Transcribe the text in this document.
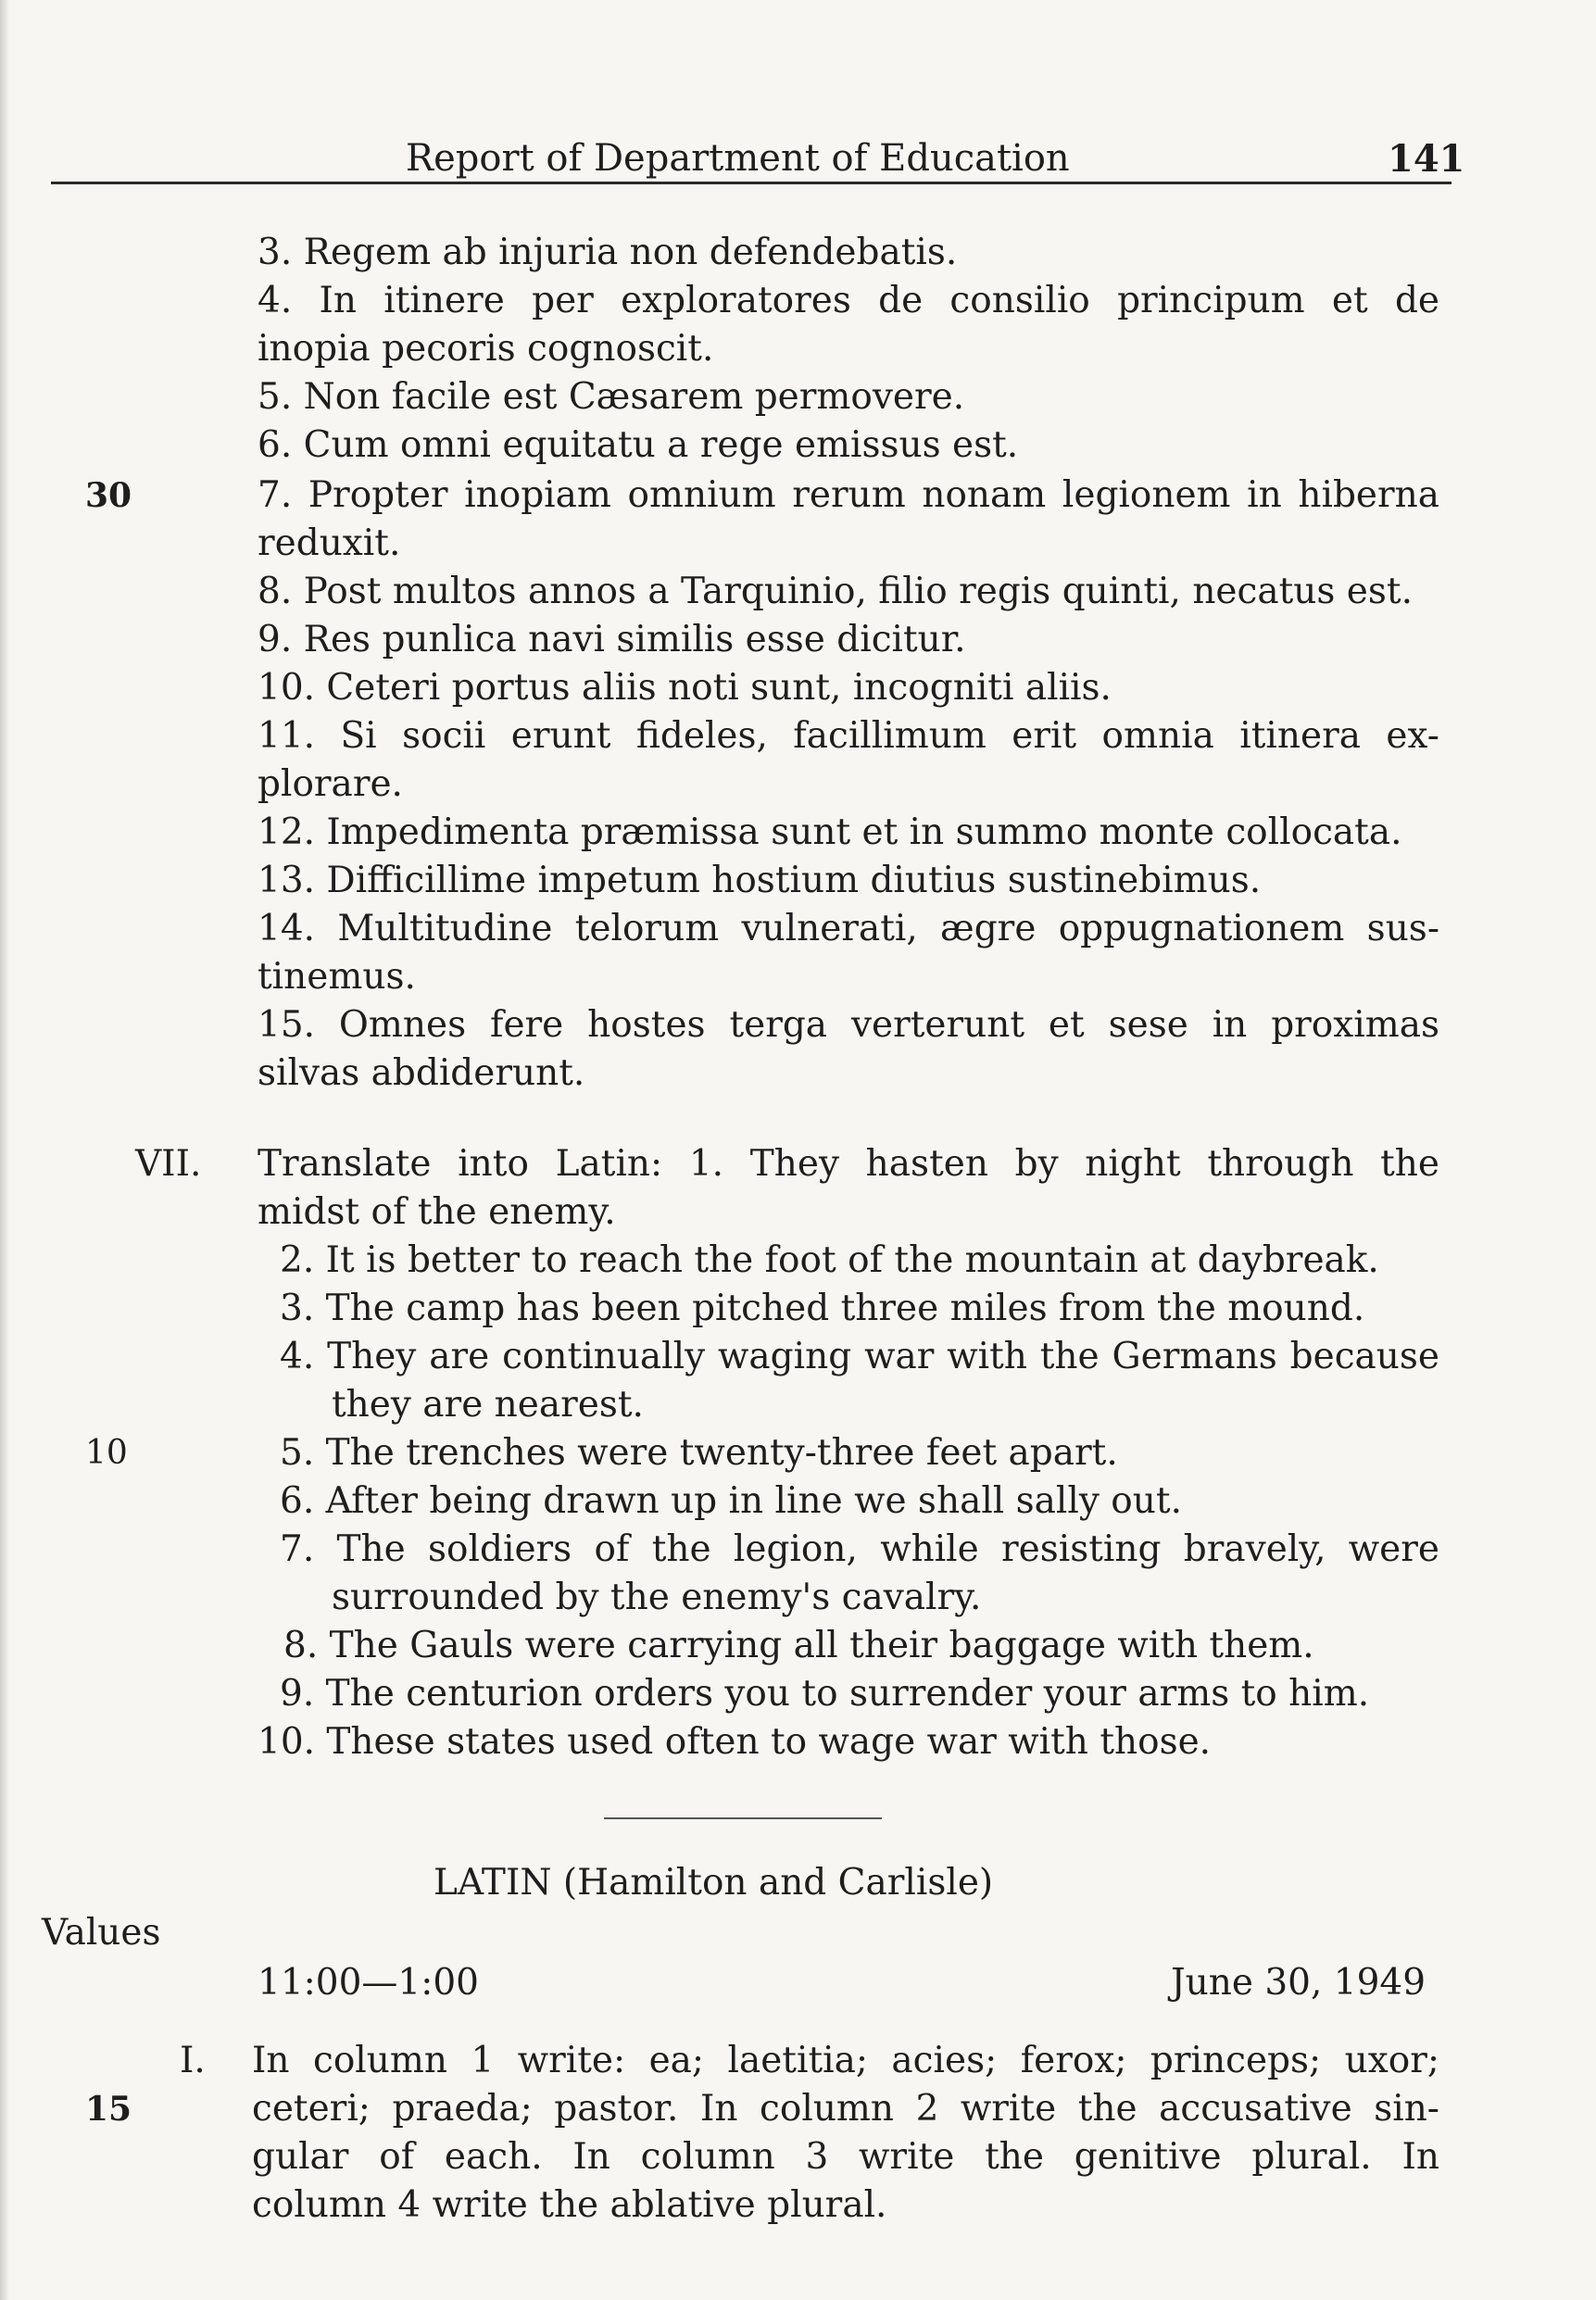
Report of Department of Education	141
3. Regem ab injuria non defendebatis.
4. In itinere per exploratores de consilio principum et de
inopia pecoris cognoscit.
5. Non facile est Cæsarem permovere.
6. Cum omni equitatu a rege emissus est.
30	7. Propter inopiam omnium rerum nonam legionem in hiberna
reduxit.
8. Post multos annos a Tarquinio, filio regis quinti, necatus est.
9. Res punlica navi similis esse dicitur.
10. Ceteri portus aliis noti sunt, incogniti aliis.
11. Si socii erunt fideles, facillimum erit omnia itinera ex-
plorare.
12. Impedimenta præmissa sunt et in summo monte collocata.
13. Difficillime impetum hostium diutius sustinebimus.
14. Multitudine telorum vulnerati, ægre oppugnationem sus-
tinemus.
15. Omnes fere hostes terga verterunt et sese in proximas
silvas abdiderunt.
VII. Translate into Latin: 1. They hasten by night through the
midst of the enemy.
2. It is better to reach the foot of the mountain at daybreak.
3. The camp has been pitched three miles from the mound.
4. They are continually waging war with the Germans because
they are nearest.
10	5. The trenches were twenty-three feet apart.
6. After being drawn up in line we shall sally out.
7. The soldiers of the legion, while resisting bravely, were
surrounded by the enemy's cavalry.
8. The Gauls were carrying all their baggage with them.
9. The centurion orders you to surrender your arms to him.
10. These states used often to wage war with those.
LATIN (Hamilton and Carlisle)
Values
11:00—1:00	June 30, 1949
I. In column 1 write: ea; laetitia; acies; ferox; princeps; uxor;
15	ceteri; praeda; pastor. In column 2 write the accusative sin-
gular of each. In column 3 write the genitive plural. In
column 4 write the ablative plural.
